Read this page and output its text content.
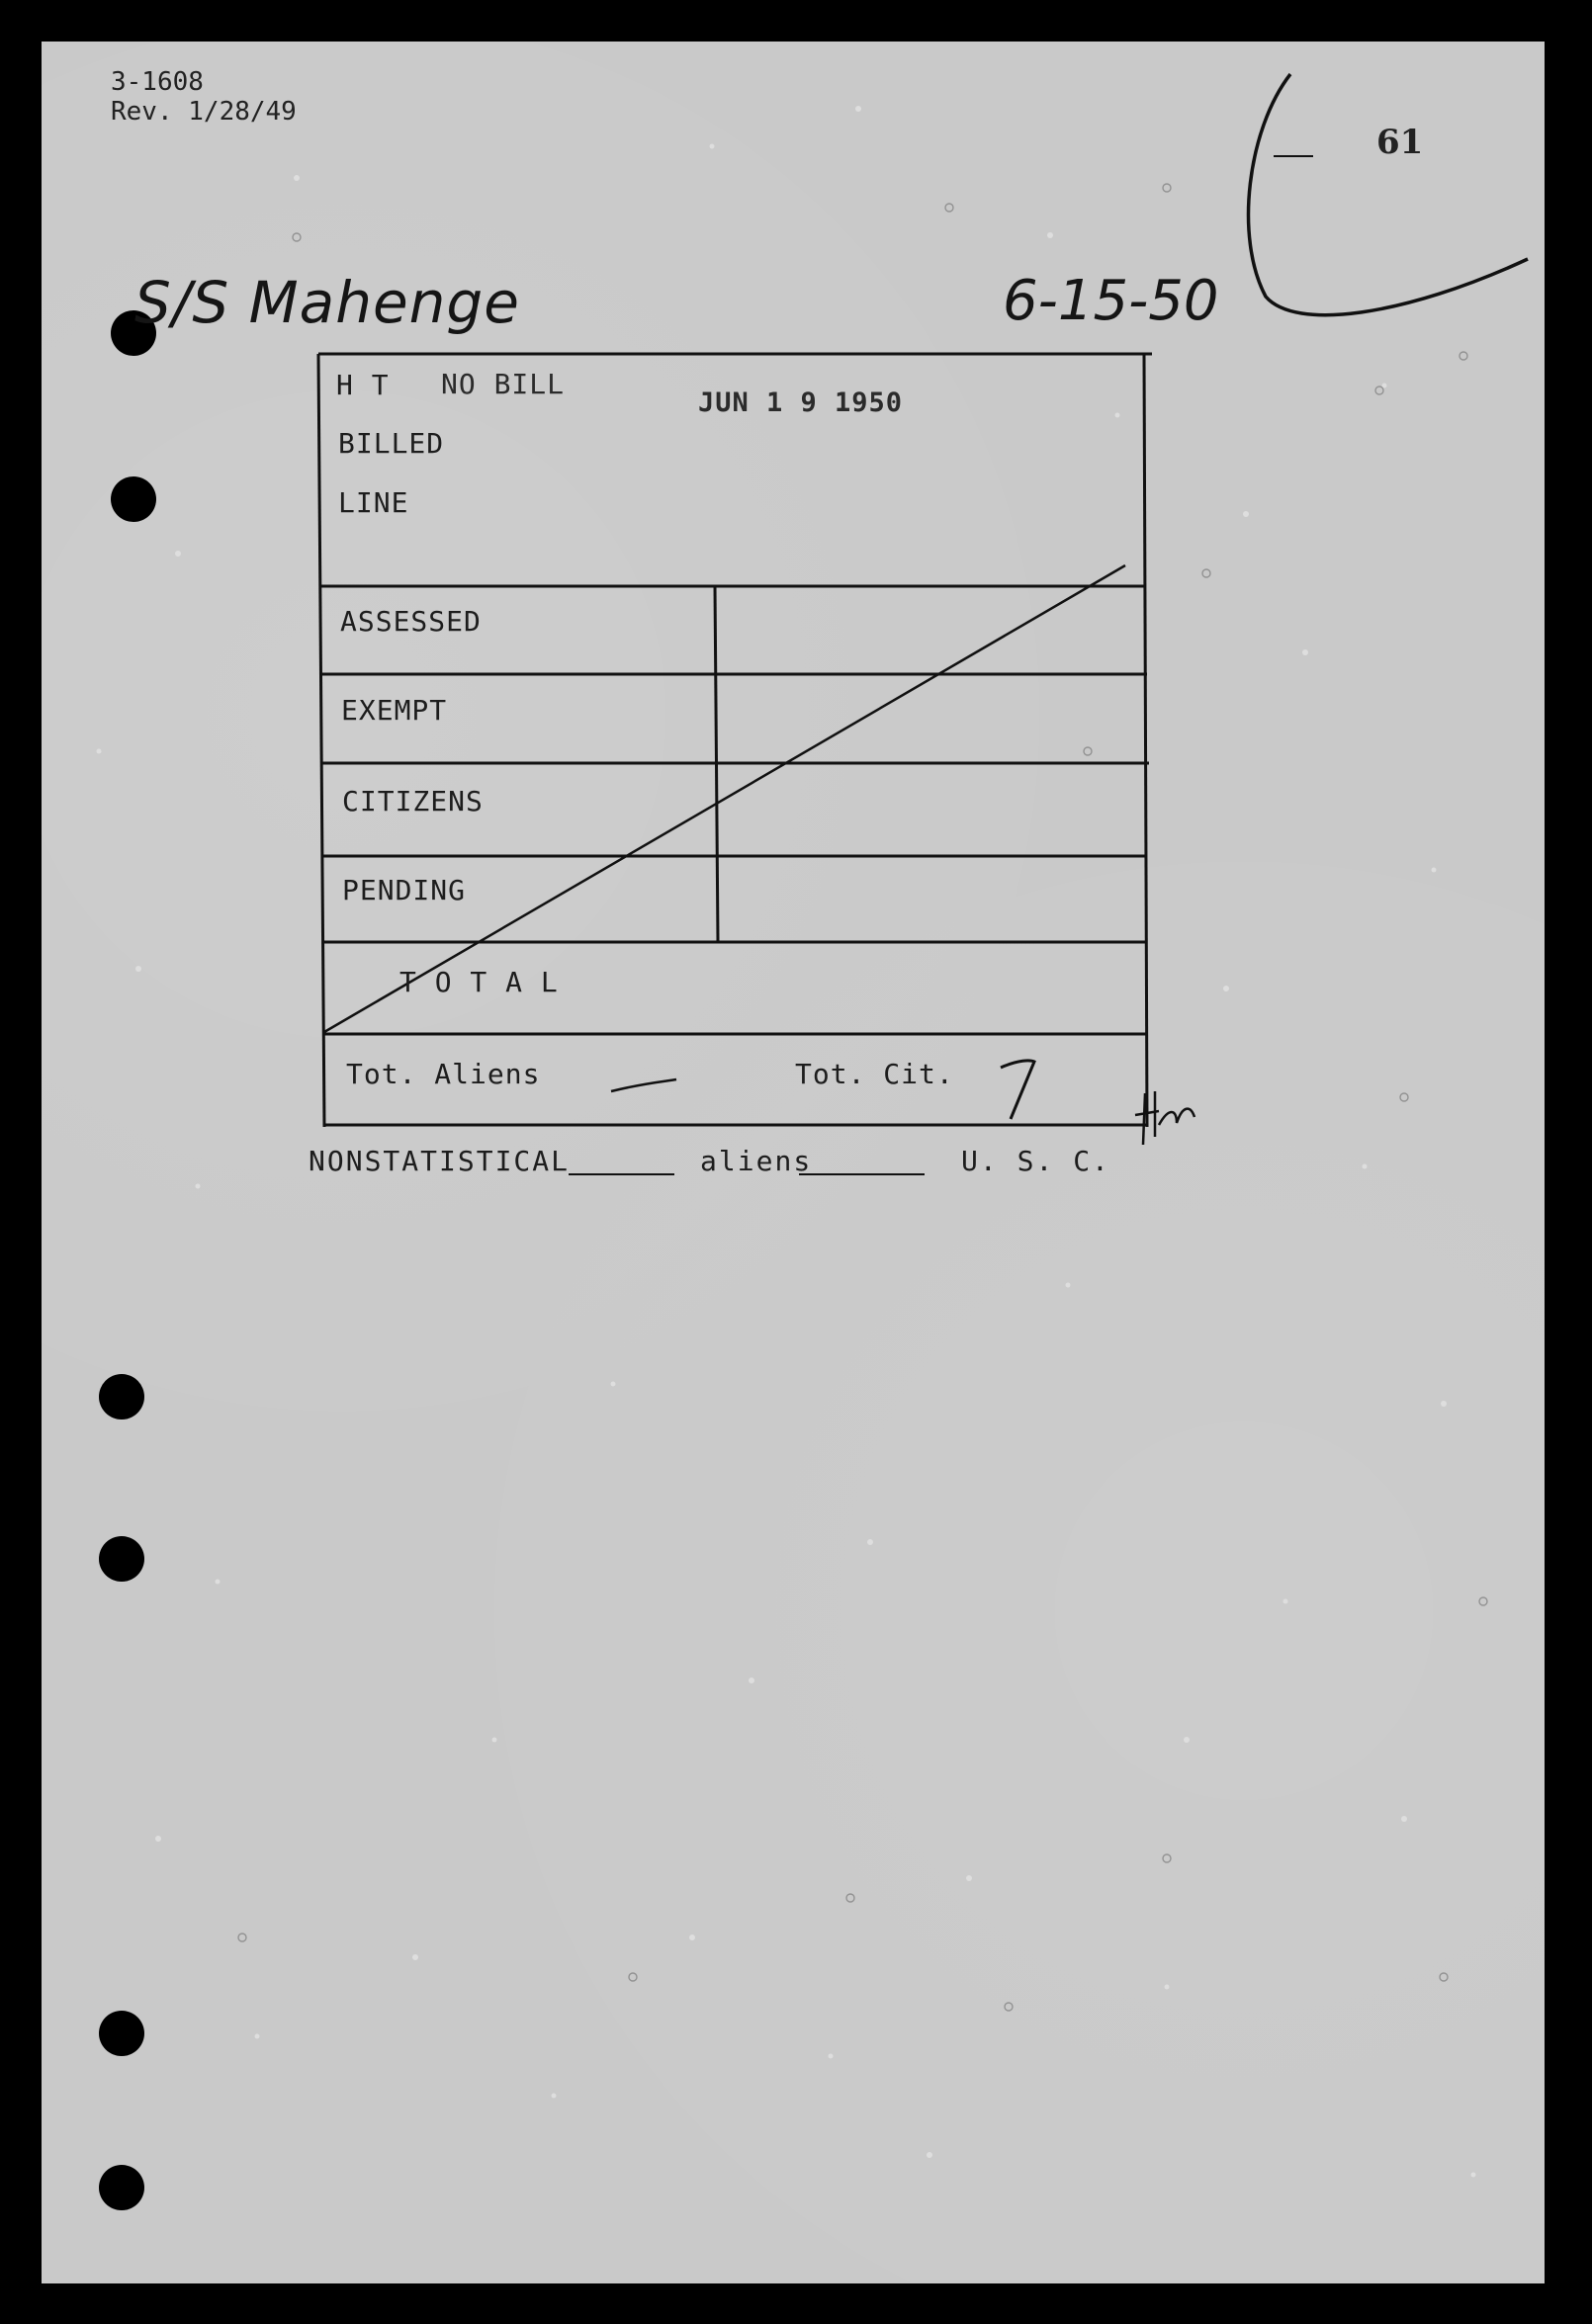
3-1608
Rev. 1/28/49
61
S/S Mahenge	6-15-50
H T NO BILL
JUN 1 9 1950
BILLED
LINE
ASSESSED
EXEMPT
CITIZENS
PENDING
T O T A L
Tot. Aliens	Tot. Cit.
NONSTATISTICAL	aliens	U. S. C.
